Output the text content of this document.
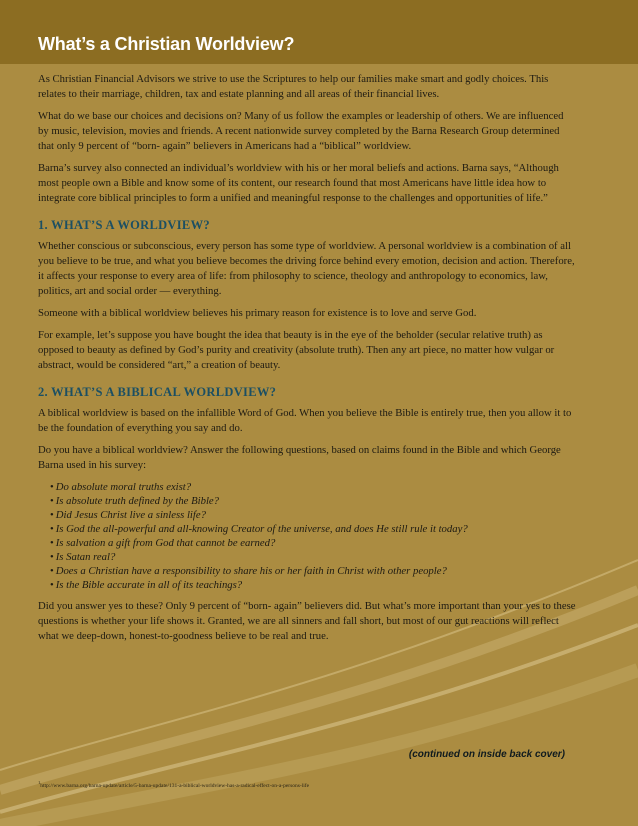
What’s a Christian Worldview?

As Christian Financial Advisors we strive to use the Scriptures to help our families make smart and godly choices. This relates to their marriage, children, tax and estate planning and all areas of their financial lives.

What do we base our choices and decisions on? Many of us follow the examples or leadership of others. We are influenced by music, television, movies and friends. A recent nationwide survey completed by the Barna Research Group determined that only 9 percent of “born- again” believers in Americans had a “biblical” worldview.

Barna’s survey also connected an individual’s worldview with his or her moral beliefs and actions. Barna says, “Although most people own a Bible and know some of its content, our research found that most Americans have little idea how to integrate core biblical principles to form a unified and meaningful response to the challenges and opportunities of life.”

1. WHAT’S A WORLDVIEW?

Whether conscious or subconscious, every person has some type of worldview. A personal worldview is a combination of all you believe to be true, and what you believe becomes the driving force behind every emotion, decision and action. Therefore, it affects your response to every area of life: from philosophy to science, theology and anthropology to economics, law, politics, art and social order — everything.

Someone with a biblical worldview believes his primary reason for existence is to love and serve God.

For example, let’s suppose you have bought the idea that beauty is in the eye of the beholder (secular relative truth) as opposed to beauty as defined by God’s purity and creativity (absolute truth). Then any art piece, no matter how vulgar or abstract, would be considered “art,” a creation of beauty.

2. WHAT’S A BIBLICAL WORLDVIEW?

A biblical worldview is based on the infallible Word of God. When you believe the Bible is entirely true, then you allow it to be the foundation of everything you say and do.

Do you have a biblical worldview? Answer the following questions, based on claims found in the Bible and which George Barna used in his survey:

• Do absolute moral truths exist?
• Is absolute truth defined by the Bible?
• Did Jesus Christ live a sinless life?
• Is God the all-powerful and all-knowing Creator of the universe, and does He still rule it today?
• Is salvation a gift from God that cannot be earned?
• Is Satan real?
• Does a Christian have a responsibility to share his or her faith in Christ with other people?
• Is the Bible accurate in all of its teachings?

Did you answer yes to these? Only 9 percent of “born- again” believers did. But what’s more important than your yes to these questions is whether your life shows it. Granted, we are all sinners and fall short, but most of our gut reactions will reflect what we deep-down, honest-to-goodness believe to be real and true.

(continued on inside back cover)
$^1$http://www.barna.org/barna-update/article/5-barna-update/131-a-biblical-worldview-has-a-radical-effect-on-a-persons-life
